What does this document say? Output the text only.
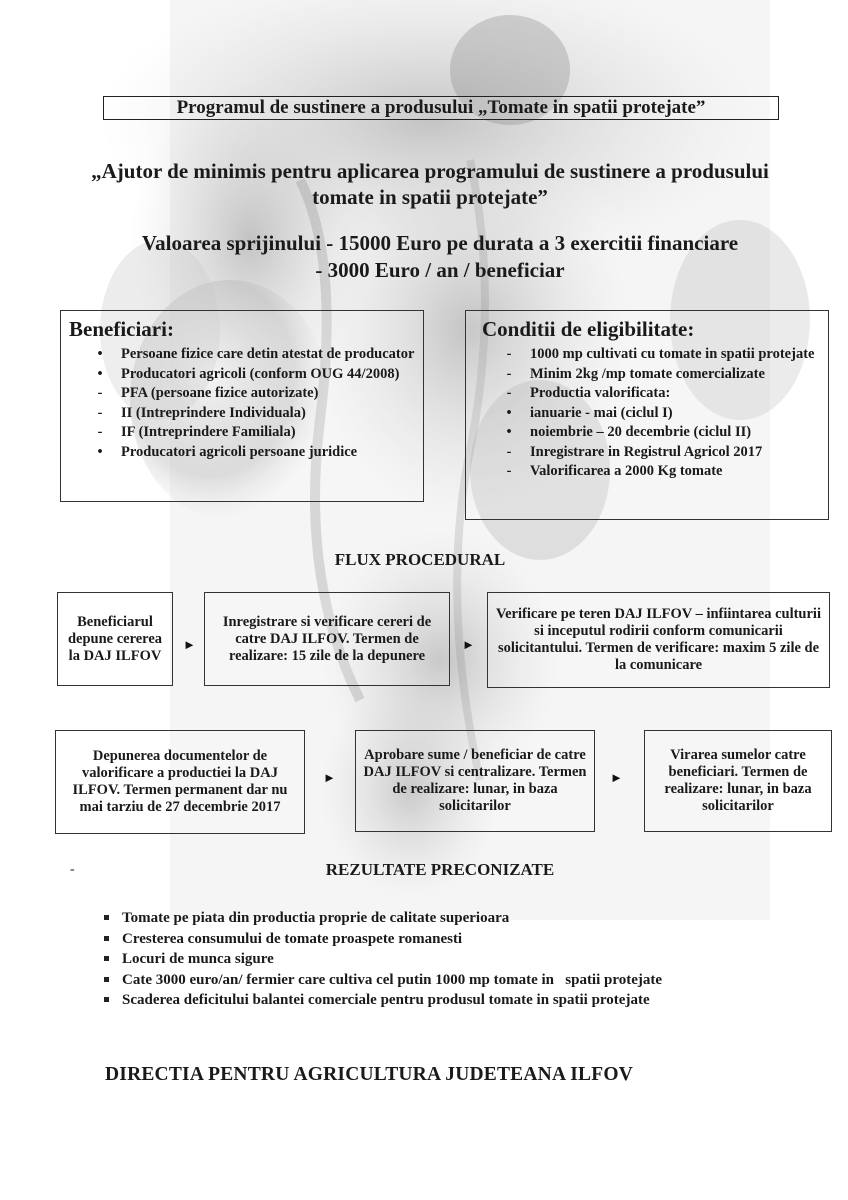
Programul de sustinere a produsului „Tomate in spatii protejate”
„Ajutor de minimis pentru aplicarea programului de sustinere a produsului tomate in spatii protejate”
Valoarea sprijinului - 15000 Euro pe durata a 3 exercitii financiare
- 3000 Euro / an / beneficiar
Beneficiari:
•	Persoane fizice care detin atestat de producator
•	Producatori agricoli (conform OUG 44/2008)
-	PFA (persoane fizice autorizate)
-	II (Intreprindere Individuala)
-	IF (Intreprindere Familiala)
•	Producatori agricoli persoane juridice
Conditii de eligibilitate:
-	1000 mp cultivati cu tomate in spatii protejate
-	Minim 2kg /mp tomate comercializate
-	Productia valorificata:
•	ianuarie - mai (ciclul I)
•	noiembrie – 20 decembrie (ciclul II)
-	Inregistrare in Registrul Agricol 2017
-	Valorificarea a 2000 Kg tomate
FLUX PROCEDURAL
Beneficiarul depune cererea la DAJ ILFOV
►
Inregistrare si verificare cereri de catre DAJ ILFOV. Termen de realizare: 15 zile de la depunere
►
Verificare pe teren DAJ ILFOV – infiintarea culturii si inceputul rodirii conform comunicarii solicitantului. Termen de verificare: maxim 5 zile de la comunicare
Depunerea documentelor de valorificare a productiei la DAJ ILFOV. Termen permanent dar nu mai tarziu de 27 decembrie 2017
►
Aprobare sume / beneficiar de catre DAJ ILFOV si centralizare. Termen de realizare: lunar, in baza solicitarilor
►
Virarea sumelor catre beneficiari. Termen de realizare: lunar, in baza solicitarilor
-	REZULTATE PRECONIZATE
Tomate pe piata din productia proprie de calitate superioara
Cresterea consumului de tomate proaspete romanesti
Locuri de munca sigure
Cate 3000 euro/an/ fermier care cultiva cel putin 1000 mp tomate in   spatii protejate
Scaderea deficitului balantei comerciale pentru produsul tomate in spatii protejate
DIRECTIA PENTRU AGRICULTURA JUDETEANA ILFOV
